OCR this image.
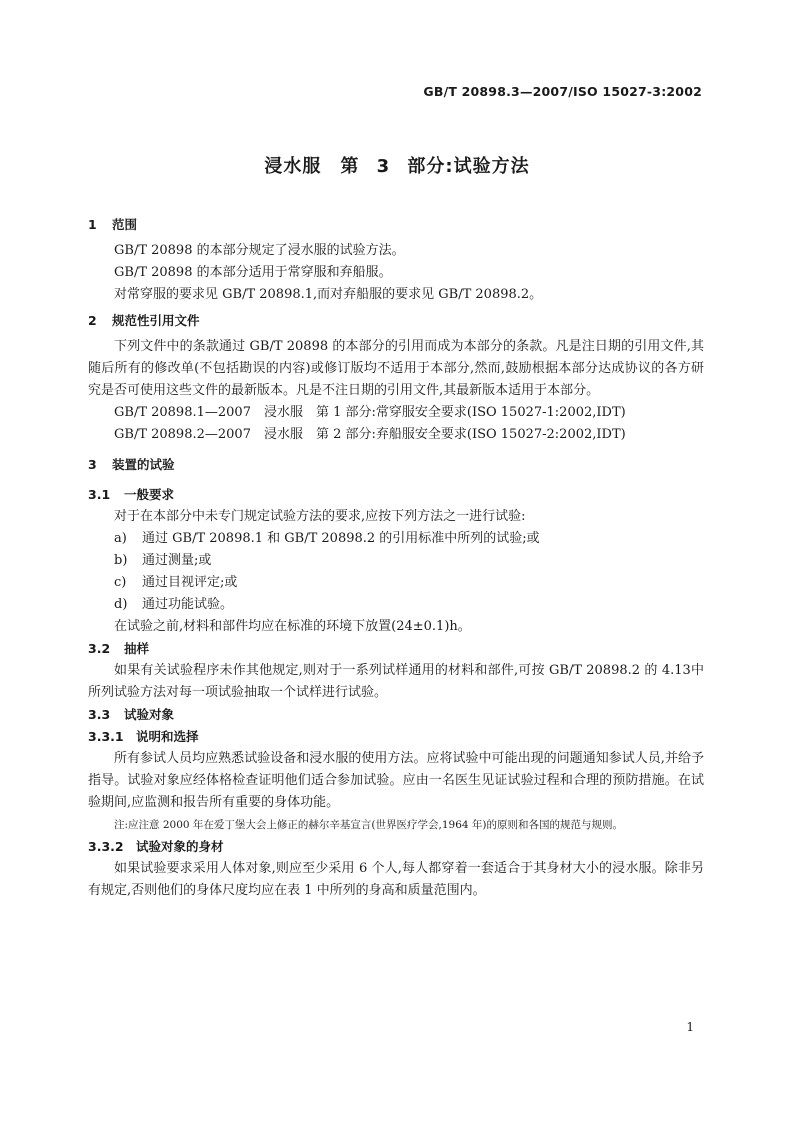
GB/T 20898.3—2007/ISO 15027-3:2002
浸水服　第 3 部分:试验方法
1 范围

GB/T 20898 的本部分规定了浸水服的试验方法。

GB/T 20898 的本部分适用于常穿服和弃船服。

对常穿服的要求见 GB/T 20898.1,而对弃船服的要求见 GB/T 20898.2。

2 规范性引用文件

下列文件中的条款通过 GB/T 20898 的本部分的引用而成为本部分的条款。凡是注日期的引用文件,其随后所有的修改单(不包括勘误的内容)或修订版均不适用于本部分,然而,鼓励根据本部分达成协议的各方研究是否可使用这些文件的最新版本。凡是不注日期的引用文件,其最新版本适用于本部分。

GB/T 20898.1—2007　浸水服　第 1 部分:常穿服安全要求(ISO 15027-1:2002,IDT)

GB/T 20898.2—2007　浸水服　第 2 部分:弃船服安全要求(ISO 15027-2:2002,IDT)

3 装置的试验
3.1 一般要求

对于在本部分中未专门规定试验方法的要求,应按下列方法之一进行试验:

a) 通过 GB/T 20898.1 和 GB/T 20898.2 的引用标准中所列的试验;或

b) 通过测量;或

c) 通过目视评定;或

d) 通过功能试验。

在试验之前,材料和部件均应在标准的环境下放置(24±0.1)h。

3.2 抽样

如果有关试验程序未作其他规定,则对于一系列试样通用的材料和部件,可按 GB/T 20898.2 的 4.13中所列试验方法对每一项试验抽取一个试样进行试验。

3.3 试验对象
3.3.1 说明和选择

所有参试人员均应熟悉试验设备和浸水服的使用方法。应将试验中可能出现的问题通知参试人员,并给予指导。试验对象应经体格检查证明他们适合参加试验。应由一名医生见证试验过程和合理的预防措施。在试验期间,应监测和报告所有重要的身体功能。

注:应注意 2000 年在爱丁堡大会上修正的赫尔辛基宣言(世界医疗学会,1964 年)的原则和各国的规范与规则。

3.3.2 试验对象的身材

如果试验要求采用人体对象,则应至少采用 6 个人,每人都穿着一套适合于其身材大小的浸水服。除非另有规定,否则他们的身体尺度均应在表 1 中所列的身高和质量范围内。

1
